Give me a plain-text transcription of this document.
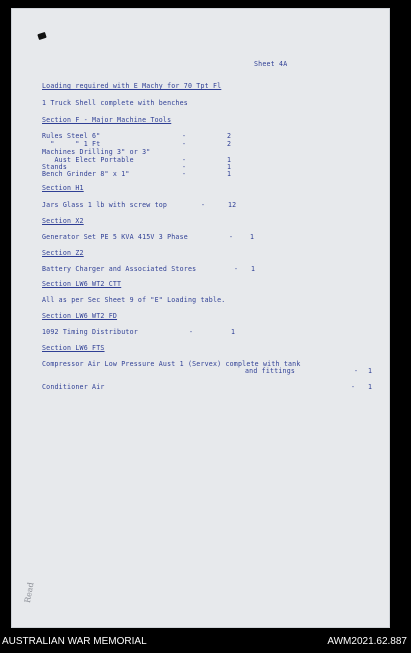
Sheet 4A
Loading required with E Machy for 70 Tpt Fl
1 Truck Shell complete with benches
Section F - Major Machine Tools
Rules Steel 6"	-	2
"     " 1 Ft	-	2
Machines Drilling 3" or 3"
Aust Elect Portable	-	1
Stands	-	1
Bench Grinder 8" x 1"	-	1
Section H1
Jars Glass 1 lb with screw top	-	12
Section X2
Generator Set PE 5 KVA 415V 3 Phase	-	1
Section Z2
Battery Charger and Associated Stores	- 1
Section LW6 WT2 CTT
All as per Sec Sheet 9 of "E" Loading table.
Section LW6 WT2 FD
1092 Timing Distributor	-	1
Section LW6 FTS
Compressor Air Low Pressure Aust 1 (Servex) complete with tank
and fittings	- 1
Conditioner Air	- 1
Read
AUSTRALIAN WAR MEMORIAL	AWM2021.62.887
